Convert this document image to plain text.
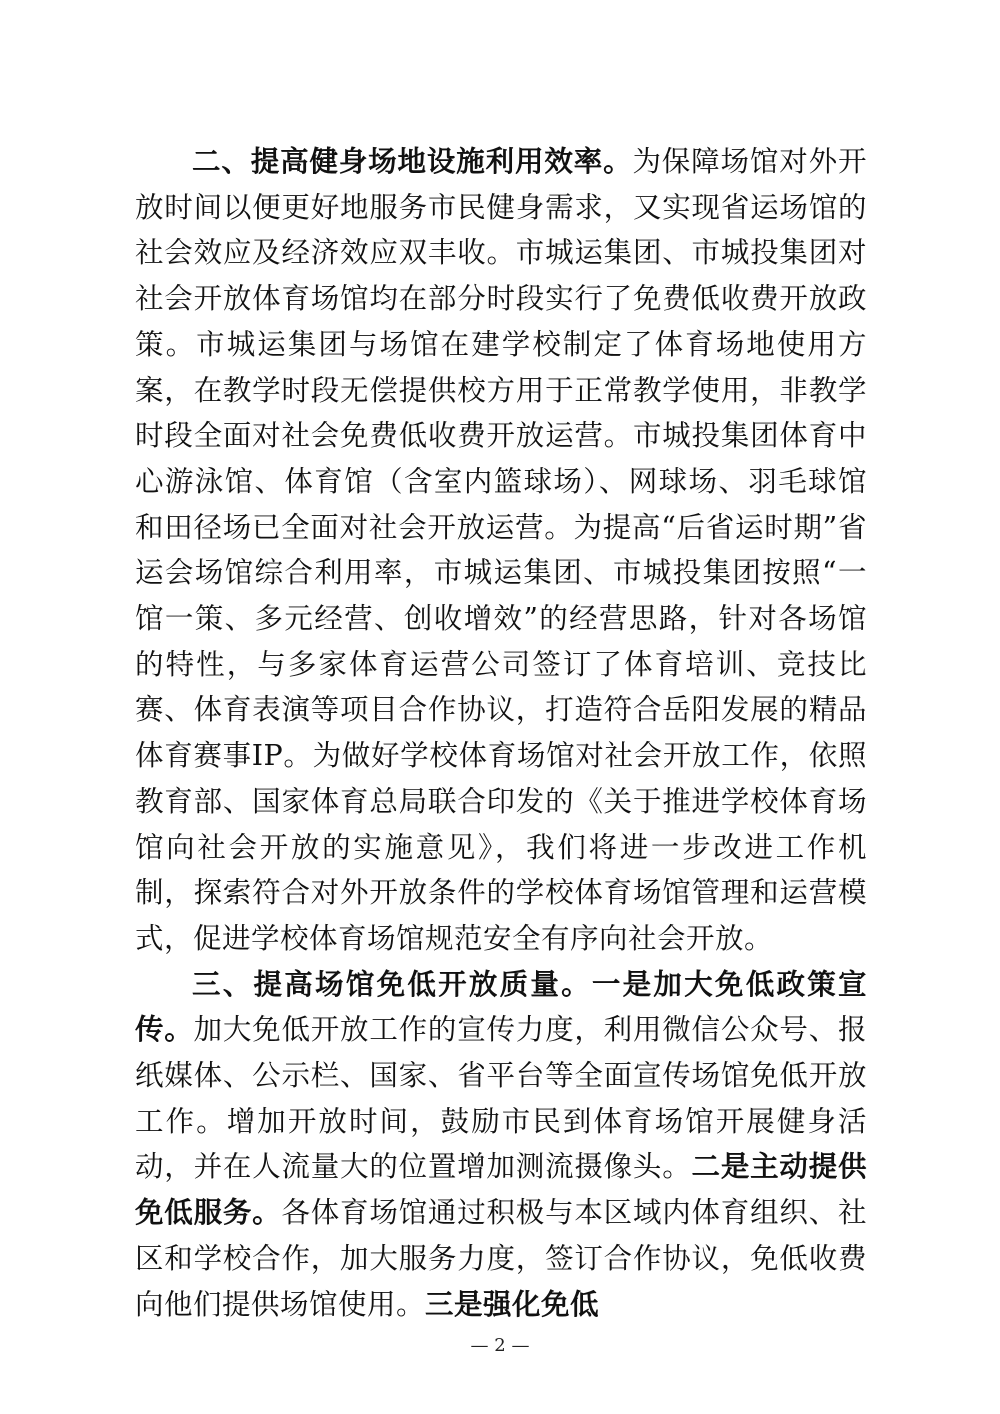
二、提高健身场地设施利用效率。为保障场馆对外开放时间以便更好地服务市民健身需求，又实现省运场馆的社会效应及经济效应双丰收。市城运集团、市城投集团对社会开放体育场馆均在部分时段实行了免费低收费开放政策。市城运集团与场馆在建学校制定了体育场地使用方案，在教学时段无偿提供校方用于正常教学使用，非教学时段全面对社会免费低收费开放运营。市城投集团体育中心游泳馆、体育馆（含室内篮球场）、网球场、羽毛球馆和田径场已全面对社会开放运营。为提高“后省运时期”省运会场馆综合利用率，市城运集团、市城投集团按照“一馆一策、多元经营、创收增效”的经营思路，针对各场馆的特性，与多家体育运营公司签订了体育培训、竞技比赛、体育表演等项目合作协议，打造符合岳阳发展的精品体育赛事IP。为做好学校体育场馆对社会开放工作，依照教育部、国家体育总局联合印发的《关于推进学校体育场馆向社会开放的实施意见》，我们将进一步改进工作机制，探索符合对外开放条件的学校体育场馆管理和运营模式，促进学校体育场馆规范安全有序向社会开放。

三、提高场馆免低开放质量。一是加大免低政策宣传。加大免低开放工作的宣传力度，利用微信公众号、报纸媒体、公示栏、国家、省平台等全面宣传场馆免低开放工作。增加开放时间，鼓励市民到体育场馆开展健身活动，并在人流量大的位置增加测流摄像头。二是主动提供免低服务。各体育场馆通过积极与本区域内体育组织、社区和学校合作，加大服务力度，签订合作协议，免低收费向他们提供场馆使用。三是强化免低

— 2 —
